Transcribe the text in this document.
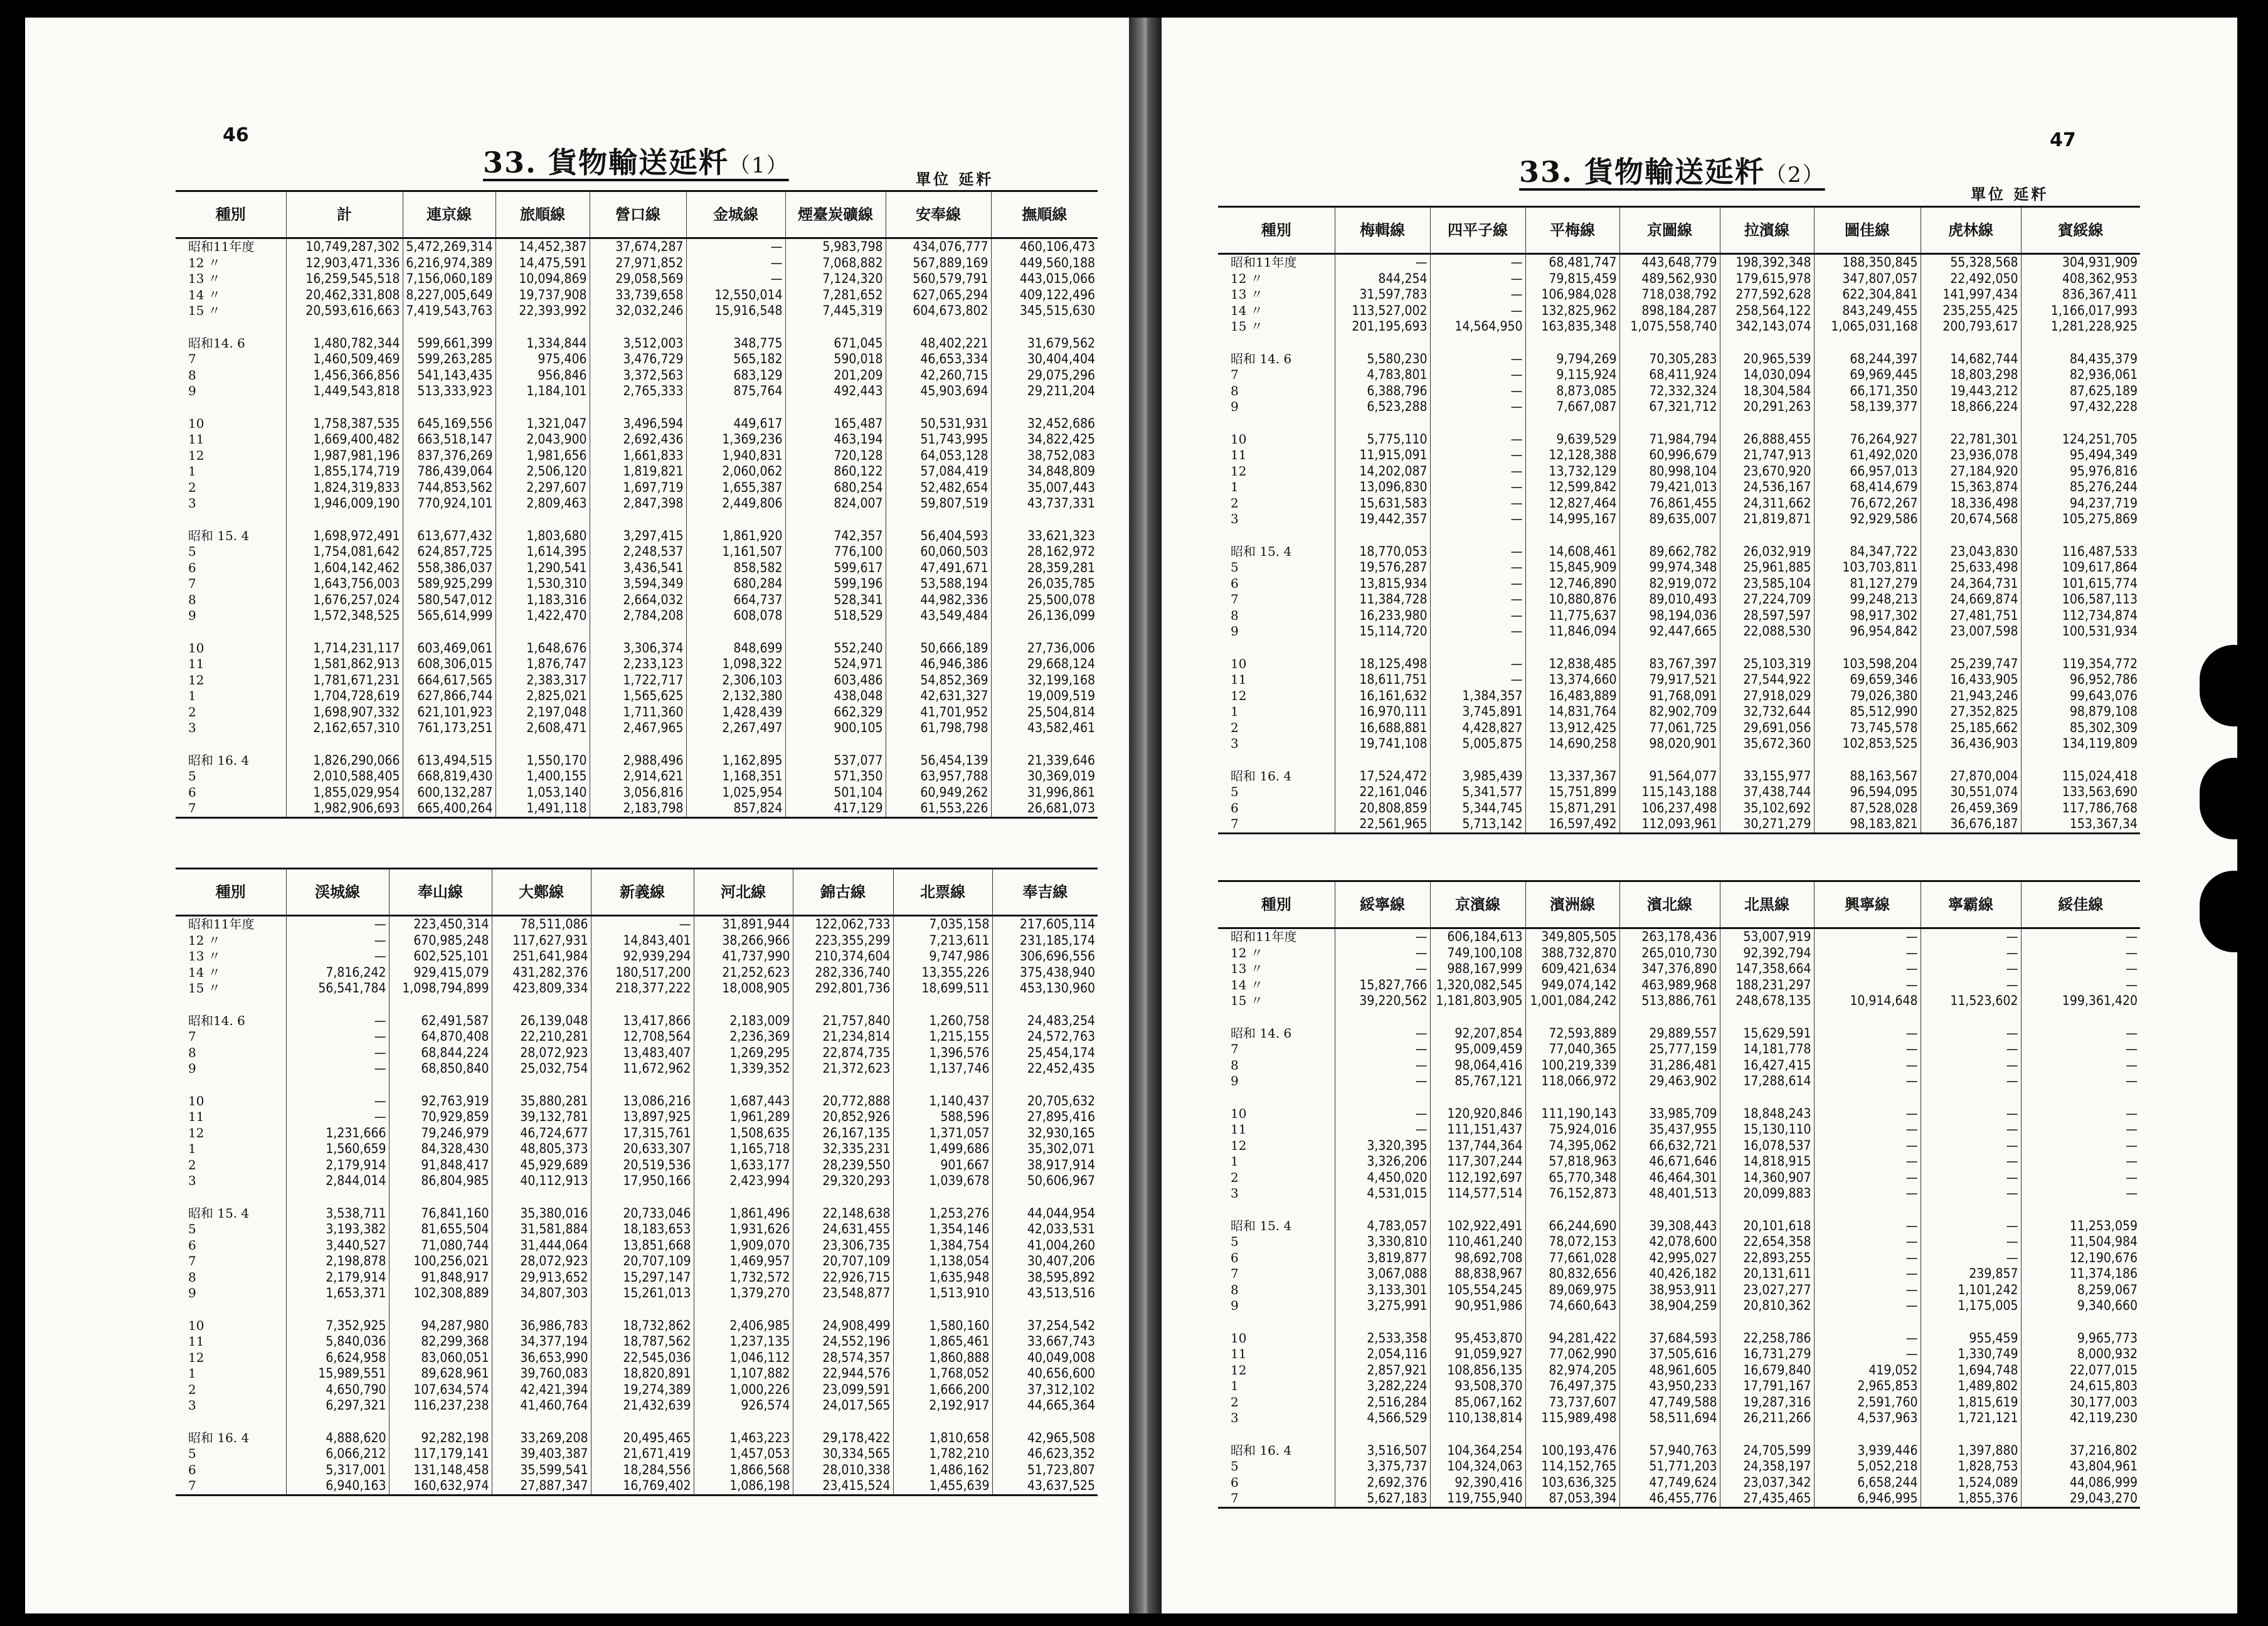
46
33. 貨物輸送延粁（1）
單位 延粁
種別	計	連京線	旅順線	營口線	金城線	煙臺炭礦線	安奉線	撫順線
昭和11年度	10,749,287,302	5,472,269,314	14,452,387	37,674,287	—	5,983,798	434,076,777	460,106,473
12 〃	12,903,471,336	6,216,974,389	14,475,591	27,971,852	—	7,068,882	567,889,169	449,560,188
13 〃	16,259,545,518	7,156,060,189	10,094,869	29,058,569	—	7,124,320	560,579,791	443,015,066
14 〃	20,462,331,808	8,227,005,649	19,737,908	33,739,658	12,550,014	7,281,652	627,065,294	409,122,496
15 〃	20,593,616,663	7,419,543,763	22,393,992	32,032,246	15,916,548	7,445,319	604,673,802	345,515,630

昭和14. 6	1,480,782,344	599,661,399	1,334,844	3,512,003	348,775	671,045	48,402,221	31,679,562
7	1,460,509,469	599,263,285	975,406	3,476,729	565,182	590,018	46,653,334	30,404,404
8	1,456,366,856	541,143,435	956,846	3,372,563	683,129	201,209	42,260,715	29,075,296
9	1,449,543,818	513,333,923	1,184,101	2,765,333	875,764	492,443	45,903,694	29,211,204

10	1,758,387,535	645,169,556	1,321,047	3,496,594	449,617	165,487	50,531,931	32,452,686
11	1,669,400,482	663,518,147	2,043,900	2,692,436	1,369,236	463,194	51,743,995	34,822,425
12	1,987,981,196	837,376,269	1,981,656	1,661,833	1,940,831	720,128	64,053,128	38,752,083
1	1,855,174,719	786,439,064	2,506,120	1,819,821	2,060,062	860,122	57,084,419	34,848,809
2	1,824,319,833	744,853,562	2,297,607	1,697,719	1,655,387	680,254	52,482,654	35,007,443
3	1,946,009,190	770,924,101	2,809,463	2,847,398	2,449,806	824,007	59,807,519	43,737,331

昭和 15. 4	1,698,972,491	613,677,432	1,803,680	3,297,415	1,861,920	742,357	56,404,593	33,621,323
5	1,754,081,642	624,857,725	1,614,395	2,248,537	1,161,507	776,100	60,060,503	28,162,972
6	1,604,142,462	558,386,037	1,290,541	3,436,541	858,582	599,617	47,491,671	28,359,281
7	1,643,756,003	589,925,299	1,530,310	3,594,349	680,284	599,196	53,588,194	26,035,785
8	1,676,257,024	580,547,012	1,183,316	2,664,032	664,737	528,341	44,982,336	25,500,078
9	1,572,348,525	565,614,999	1,422,470	2,784,208	608,078	518,529	43,549,484	26,136,099

10	1,714,231,117	603,469,061	1,648,676	3,306,374	848,699	552,240	50,666,189	27,736,006
11	1,581,862,913	608,306,015	1,876,747	2,233,123	1,098,322	524,971	46,946,386	29,668,124
12	1,781,671,231	664,617,565	2,383,317	1,722,717	2,306,103	603,486	54,852,369	32,199,168
1	1,704,728,619	627,866,744	2,825,021	1,565,625	2,132,380	438,048	42,631,327	19,009,519
2	1,698,907,332	621,101,923	2,197,048	1,711,360	1,428,439	662,329	41,701,952	25,504,814
3	2,162,657,310	761,173,251	2,608,471	2,467,965	2,267,497	900,105	61,798,798	43,582,461

昭和 16. 4	1,826,290,066	613,494,515	1,550,170	2,988,496	1,162,895	537,077	56,454,139	21,339,646
5	2,010,588,405	668,819,430	1,400,155	2,914,621	1,168,351	571,350	63,957,788	30,369,019
6	1,855,029,954	600,132,287	1,053,140	3,056,816	1,025,954	501,104	60,949,262	31,996,861
7	1,982,906,693	665,400,264	1,491,118	2,183,798	857,824	417,129	61,553,226	26,681,073
種別	渓城線	奉山線	大鄭線	新義線	河北線	錦古線	北票線	奉吉線
昭和11年度	—	223,450,314	78,511,086	—	31,891,944	122,062,733	7,035,158	217,605,114
12 〃	—	670,985,248	117,627,931	14,843,401	38,266,966	223,355,299	7,213,611	231,185,174
13 〃	—	602,525,101	251,641,984	92,939,294	41,737,990	210,374,604	9,747,986	306,696,556
14 〃	7,816,242	929,415,079	431,282,376	180,517,200	21,252,623	282,336,740	13,355,226	375,438,940
15 〃	56,541,784	1,098,794,899	423,809,334	218,377,222	18,008,905	292,801,736	18,699,511	453,130,960

昭和14. 6	—	62,491,587	26,139,048	13,417,866	2,183,009	21,757,840	1,260,758	24,483,254
7	—	64,870,408	22,210,281	12,708,564	2,236,369	21,234,814	1,215,155	24,572,763
8	—	68,844,224	28,072,923	13,483,407	1,269,295	22,874,735	1,396,576	25,454,174
9	—	68,850,840	25,032,754	11,672,962	1,339,352	21,372,623	1,137,746	22,452,435

10	—	92,763,919	35,880,281	13,086,216	1,687,443	20,772,888	1,140,437	20,705,632
11	—	70,929,859	39,132,781	13,897,925	1,961,289	20,852,926	588,596	27,895,416
12	1,231,666	79,246,979	46,724,677	17,315,761	1,508,635	26,167,135	1,371,057	32,930,165
1	1,560,659	84,328,430	48,805,373	20,633,307	1,165,718	32,335,231	1,499,686	35,302,071
2	2,179,914	91,848,417	45,929,689	20,519,536	1,633,177	28,239,550	901,667	38,917,914
3	2,844,014	86,804,985	40,112,913	17,950,166	2,423,994	29,320,293	1,039,678	50,606,967

昭和 15. 4	3,538,711	76,841,160	35,380,016	20,733,046	1,861,496	22,148,638	1,253,276	44,044,954
5	3,193,382	81,655,504	31,581,884	18,183,653	1,931,626	24,631,455	1,354,146	42,033,531
6	3,440,527	71,080,744	31,444,064	13,851,668	1,909,070	23,306,735	1,384,754	41,004,260
7	2,198,878	100,256,021	28,072,923	20,707,109	1,469,957	20,707,109	1,138,054	30,407,206
8	2,179,914	91,848,917	29,913,652	15,297,147	1,732,572	22,926,715	1,635,948	38,595,892
9	1,653,371	102,308,889	34,807,303	15,261,013	1,379,270	23,548,877	1,513,910	43,513,516

10	7,352,925	94,287,980	36,986,783	18,732,862	2,406,985	24,908,499	1,580,160	37,254,542
11	5,840,036	82,299,368	34,377,194	18,787,562	1,237,135	24,552,196	1,865,461	33,667,743
12	6,624,958	83,060,051	36,653,990	22,545,036	1,046,112	28,574,357	1,860,888	40,049,008
1	15,989,551	89,628,961	39,760,083	18,820,891	1,107,882	22,944,576	1,768,052	40,656,600
2	4,650,790	107,634,574	42,421,394	19,274,389	1,000,226	23,099,591	1,666,200	37,312,102
3	6,297,321	116,237,238	41,460,764	21,432,639	926,574	24,017,565	2,192,917	44,665,364

昭和 16. 4	4,888,620	92,282,198	33,269,208	20,495,465	1,463,223	29,178,422	1,810,658	42,965,508
5	6,066,212	117,179,141	39,403,387	21,671,419	1,457,053	30,334,565	1,782,210	46,623,352
6	5,317,001	131,148,458	35,599,541	18,284,556	1,866,568	28,010,338	1,486,162	51,723,807
7	6,940,163	160,632,974	27,887,347	16,769,402	1,086,198	23,415,524	1,455,639	43,637,525
47
33. 貨物輸送延粁（2）
單位 延粁
種別	梅輯線	四平子線	平梅線	京圖線	拉濱線	圖佳線	虎林線	賓綏線
昭和11年度	—	—	68,481,747	443,648,779	198,392,348	188,350,845	55,328,568	304,931,909
12 〃	844,254	—	79,815,459	489,562,930	179,615,978	347,807,057	22,492,050	408,362,953
13 〃	31,597,783	—	106,984,028	718,038,792	277,592,628	622,304,841	141,997,434	836,367,411
14 〃	113,527,002	—	132,825,962	898,184,287	258,564,122	843,249,455	235,255,425	1,166,017,993
15 〃	201,195,693	14,564,950	163,835,348	1,075,558,740	342,143,074	1,065,031,168	200,793,617	1,281,228,925

昭和 14. 6	5,580,230	—	9,794,269	70,305,283	20,965,539	68,244,397	14,682,744	84,435,379
7	4,783,801	—	9,115,924	68,411,924	14,030,094	69,969,445	18,803,298	82,936,061
8	6,388,796	—	8,873,085	72,332,324	18,304,584	66,171,350	19,443,212	87,625,189
9	6,523,288	—	7,667,087	67,321,712	20,291,263	58,139,377	18,866,224	97,432,228

10	5,775,110	—	9,639,529	71,984,794	26,888,455	76,264,927	22,781,301	124,251,705
11	11,915,091	—	12,128,388	60,996,679	21,747,913	61,492,020	23,936,078	95,494,349
12	14,202,087	—	13,732,129	80,998,104	23,670,920	66,957,013	27,184,920	95,976,816
1	13,096,830	—	12,599,842	79,421,013	24,536,167	68,414,679	15,363,874	85,276,244
2	15,631,583	—	12,827,464	76,861,455	24,311,662	76,672,267	18,336,498	94,237,719
3	19,442,357	—	14,995,167	89,635,007	21,819,871	92,929,586	20,674,568	105,275,869

昭和 15. 4	18,770,053	—	14,608,461	89,662,782	26,032,919	84,347,722	23,043,830	116,487,533
5	19,576,287	—	15,845,909	99,974,348	25,961,885	103,703,811	25,633,498	109,617,864
6	13,815,934	—	12,746,890	82,919,072	23,585,104	81,127,279	24,364,731	101,615,774
7	11,384,728	—	10,880,876	89,010,493	27,224,709	99,248,213	24,669,874	106,587,113
8	16,233,980	—	11,775,637	98,194,036	28,597,597	98,917,302	27,481,751	112,734,874
9	15,114,720	—	11,846,094	92,447,665	22,088,530	96,954,842	23,007,598	100,531,934

10	18,125,498	—	12,838,485	83,767,397	25,103,319	103,598,204	25,239,747	119,354,772
11	18,611,751	—	13,374,660	79,917,521	27,544,922	69,659,346	16,433,905	96,952,786
12	16,161,632	1,384,357	16,483,889	91,768,091	27,918,029	79,026,380	21,943,246	99,643,076
1	16,970,111	3,745,891	14,831,764	82,902,709	32,732,644	85,512,990	27,352,825	98,879,108
2	16,688,881	4,428,827	13,912,425	77,061,725	29,691,056	73,745,578	25,185,662	85,302,309
3	19,741,108	5,005,875	14,690,258	98,020,901	35,672,360	102,853,525	36,436,903	134,119,809

昭和 16. 4	17,524,472	3,985,439	13,337,367	91,564,077	33,155,977	88,163,567	27,870,004	115,024,418
5	22,161,046	5,341,577	15,751,899	115,143,188	37,438,744	96,594,095	30,551,074	133,563,690
6	20,808,859	5,344,745	15,871,291	106,237,498	35,102,692	87,528,028	26,459,369	117,786,768
7	22,561,965	5,713,142	16,597,492	112,093,961	30,271,279	98,183,821	36,676,187	153,367,34
種別	綏寧線	京濱線	濱洲線	濱北線	北黒線	興寧線	寧霸線	綏佳線
昭和11年度	—	606,184,613	349,805,505	263,178,436	53,007,919	—	—	—
12 〃	—	749,100,108	388,732,870	265,010,730	92,392,794	—	—	—
13 〃	—	988,167,999	609,421,634	347,376,890	147,358,664	—	—	—
14 〃	15,827,766	1,320,082,545	949,074,142	463,989,968	188,231,297	—	—	—
15 〃	39,220,562	1,181,803,905	1,001,084,242	513,886,761	248,678,135	10,914,648	11,523,602	199,361,420

昭和 14. 6	—	92,207,854	72,593,889	29,889,557	15,629,591	—	—	—
7	—	95,009,459	77,040,365	25,777,159	14,181,778	—	—	—
8	—	98,064,416	100,219,339	31,286,481	16,427,415	—	—	—
9	—	85,767,121	118,066,972	29,463,902	17,288,614	—	—	—

10	—	120,920,846	111,190,143	33,985,709	18,848,243	—	—	—
11	—	111,151,437	75,924,016	35,437,955	15,130,110	—	—	—
12	3,320,395	137,744,364	74,395,062	66,632,721	16,078,537	—	—	—
1	3,326,206	117,307,244	57,818,963	46,671,646	14,818,915	—	—	—
2	4,450,020	112,192,697	65,770,348	46,464,301	14,360,907	—	—	—
3	4,531,015	114,577,514	76,152,873	48,401,513	20,099,883	—	—	—

昭和 15. 4	4,783,057	102,922,491	66,244,690	39,308,443	20,101,618	—	—	11,253,059
5	3,330,810	110,461,240	78,072,153	42,078,600	22,654,358	—	—	11,504,984
6	3,819,877	98,692,708	77,661,028	42,995,027	22,893,255	—	—	12,190,676
7	3,067,088	88,838,967	80,832,656	40,426,182	20,131,611	—	239,857	11,374,186
8	3,133,301	105,554,245	89,069,975	38,953,911	23,027,277	—	1,101,242	8,259,067
9	3,275,991	90,951,986	74,660,643	38,904,259	20,810,362	—	1,175,005	9,340,660

10	2,533,358	95,453,870	94,281,422	37,684,593	22,258,786	—	955,459	9,965,773
11	2,054,116	91,059,927	77,062,990	37,505,616	16,731,279	—	1,330,749	8,000,932
12	2,857,921	108,856,135	82,974,205	48,961,605	16,679,840	419,052	1,694,748	22,077,015
1	3,282,224	93,508,370	76,497,375	43,950,233	17,791,167	2,965,853	1,489,802	24,615,803
2	2,516,284	85,067,162	73,737,607	47,749,588	19,287,316	2,591,760	1,815,619	30,177,003
3	4,566,529	110,138,814	115,989,498	58,511,694	26,211,266	4,537,963	1,721,121	42,119,230

昭和 16. 4	3,516,507	104,364,254	100,193,476	57,940,763	24,705,599	3,939,446	1,397,880	37,216,802
5	3,375,737	104,324,063	114,152,765	51,771,203	24,358,197	5,052,218	1,828,753	43,804,961
6	2,692,376	92,390,416	103,636,325	47,749,624	23,037,342	6,658,244	1,524,089	44,086,999
7	5,627,183	119,755,940	87,053,394	46,455,776	27,435,465	6,946,995	1,855,376	29,043,270
